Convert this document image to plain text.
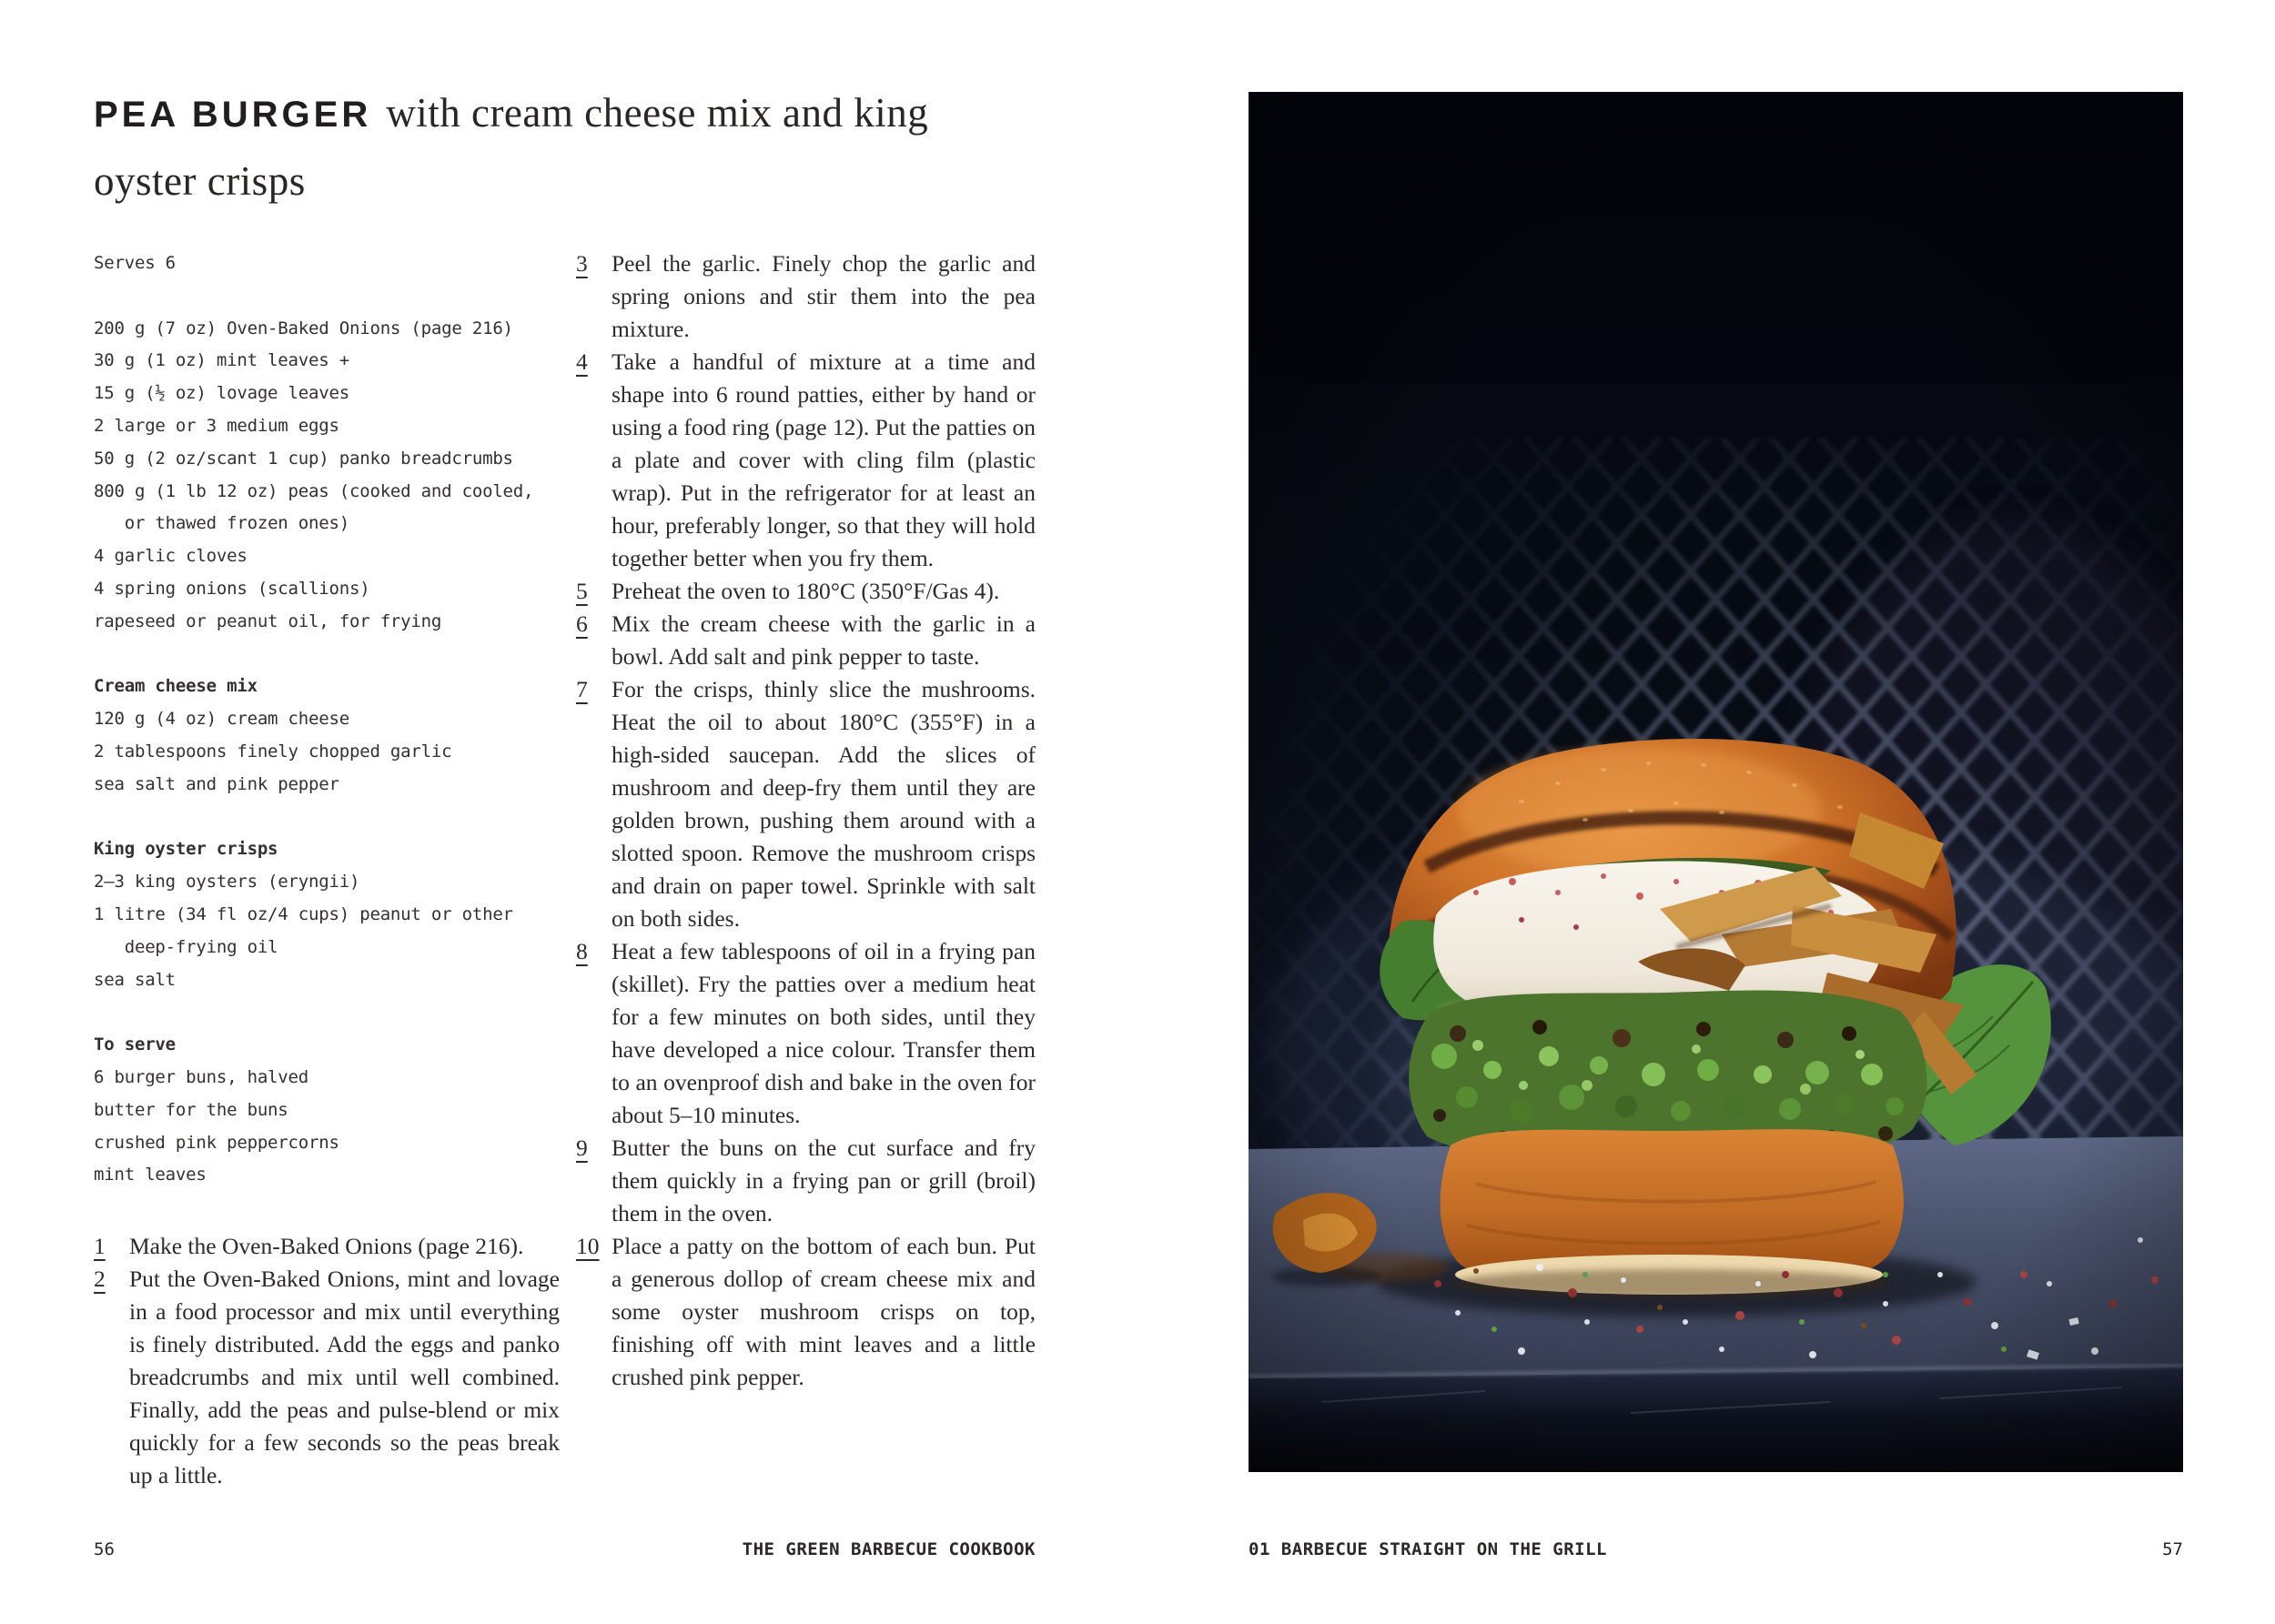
PEA BURGER with cream cheese mix and king
oyster crisps
Serves 6
200 g (7 oz) Oven-Baked Onions (page 216)
30 g (1 oz) mint leaves +
15 g (½ oz) lovage leaves
2 large or 3 medium eggs
50 g (2 oz/scant 1 cup) panko breadcrumbs
800 g (1 lb 12 oz) peas (cooked and cooled,
or thawed frozen ones)
4 garlic cloves
4 spring onions (scallions)
rapeseed or peanut oil, for frying
Cream cheese mix
120 g (4 oz) cream cheese
2 tablespoons finely chopped garlic
sea salt and pink pepper
King oyster crisps
2–3 king oysters (eryngii)
1 litre (34 fl oz/4 cups) peanut or other
deep-frying oil
sea salt
To serve
6 burger buns, halved
butter for the buns
crushed pink peppercorns
mint leaves
1	Make the Oven-Baked Onions (page 216).
2	Put the Oven-Baked Onions, mint and lovage in a food processor and mix until everything is finely distributed. Add the eggs and panko breadcrumbs and mix until well combined. Finally, add the peas and pulse-blend or mix quickly for a few seconds so the peas break up a little.
3	Peel the garlic. Finely chop the garlic and spring onions and stir them into the pea mixture.
4	Take a handful of mixture at a time and shape into 6 round patties, either by hand or using a food ring (page 12). Put the patties on a plate and cover with cling film (plastic wrap). Put in the refrigerator for at least an hour, preferably longer, so that they will hold together better when you fry them.
5	Preheat the oven to 180°C (350°F/Gas 4).
6	Mix the cream cheese with the garlic in a bowl. Add salt and pink pepper to taste.
7	For the crisps, thinly slice the mushrooms. Heat the oil to about 180°C (355°F) in a high-sided saucepan. Add the slices of mushroom and deep-fry them until they are golden brown, pushing them around with a slotted spoon. Remove the mushroom crisps and drain on paper towel. Sprinkle with salt on both sides.
8	Heat a few tablespoons of oil in a frying pan (skillet). Fry the patties over a medium heat for a few minutes on both sides, until they have developed a nice colour. Transfer them to an ovenproof dish and bake in the oven for about 5–10 minutes.
9	Butter the buns on the cut surface and fry them quickly in a frying pan or grill (broil) them in the oven.
10 Place a patty on the bottom of each bun. Put a generous dollop of cream cheese mix and some oyster mushroom crisps on top, finishing off with mint leaves and a little crushed pink pepper.
56	THE GREEN BARBECUE COOKBOOK	01 BARBECUE STRAIGHT ON THE GRILL	57
